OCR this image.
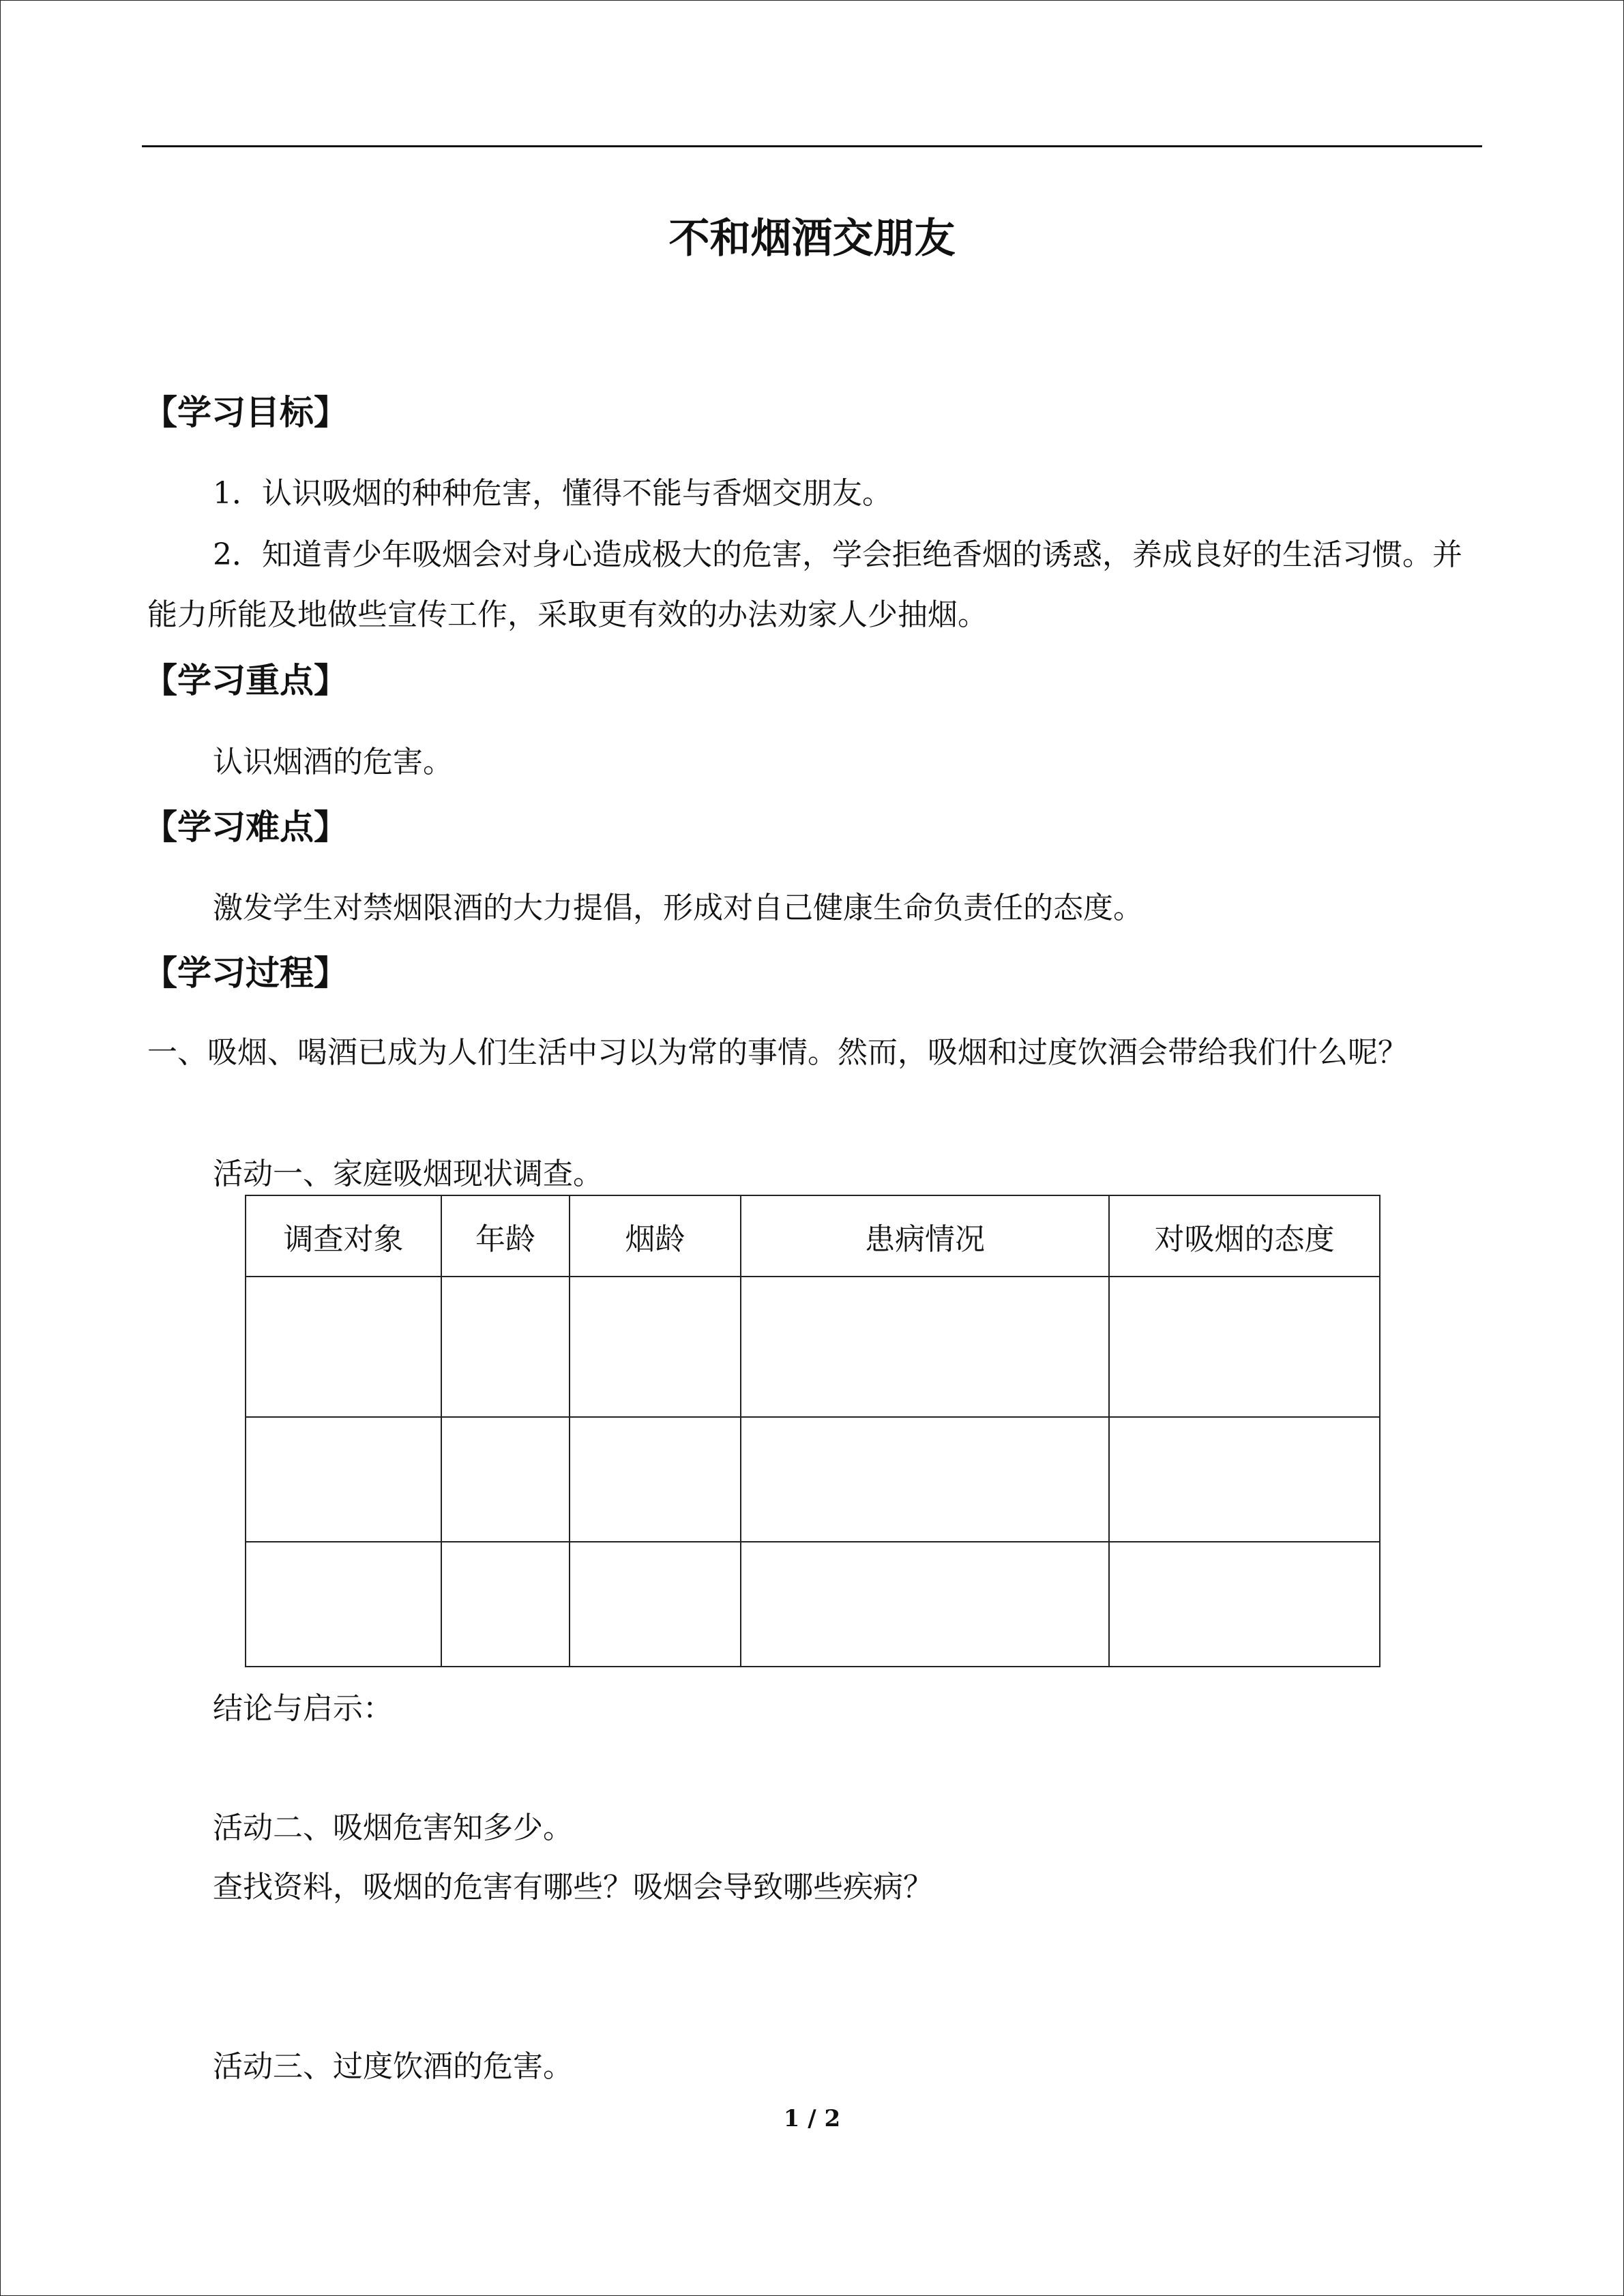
不和烟酒交朋友
【学习目标】
1．认识吸烟的种种危害，懂得不能与香烟交朋友。
2．知道青少年吸烟会对身心造成极大的危害，学会拒绝香烟的诱惑，养成良好的生活习惯。并能力所能及地做些宣传工作，采取更有效的办法劝家人少抽烟。
【学习重点】
认识烟酒的危害。
【学习难点】
激发学生对禁烟限酒的大力提倡，形成对自己健康生命负责任的态度。
【学习过程】
一、吸烟、喝酒已成为人们生活中习以为常的事情。然而，吸烟和过度饮酒会带给我们什么呢？
活动一、家庭吸烟现状调查。
调查对象	年龄	烟龄	患病情况	对吸烟的态度

结论与启示：
活动二、吸烟危害知多少。
查找资料，吸烟的危害有哪些？吸烟会导致哪些疾病？
活动三、过度饮酒的危害。
1 / 2
